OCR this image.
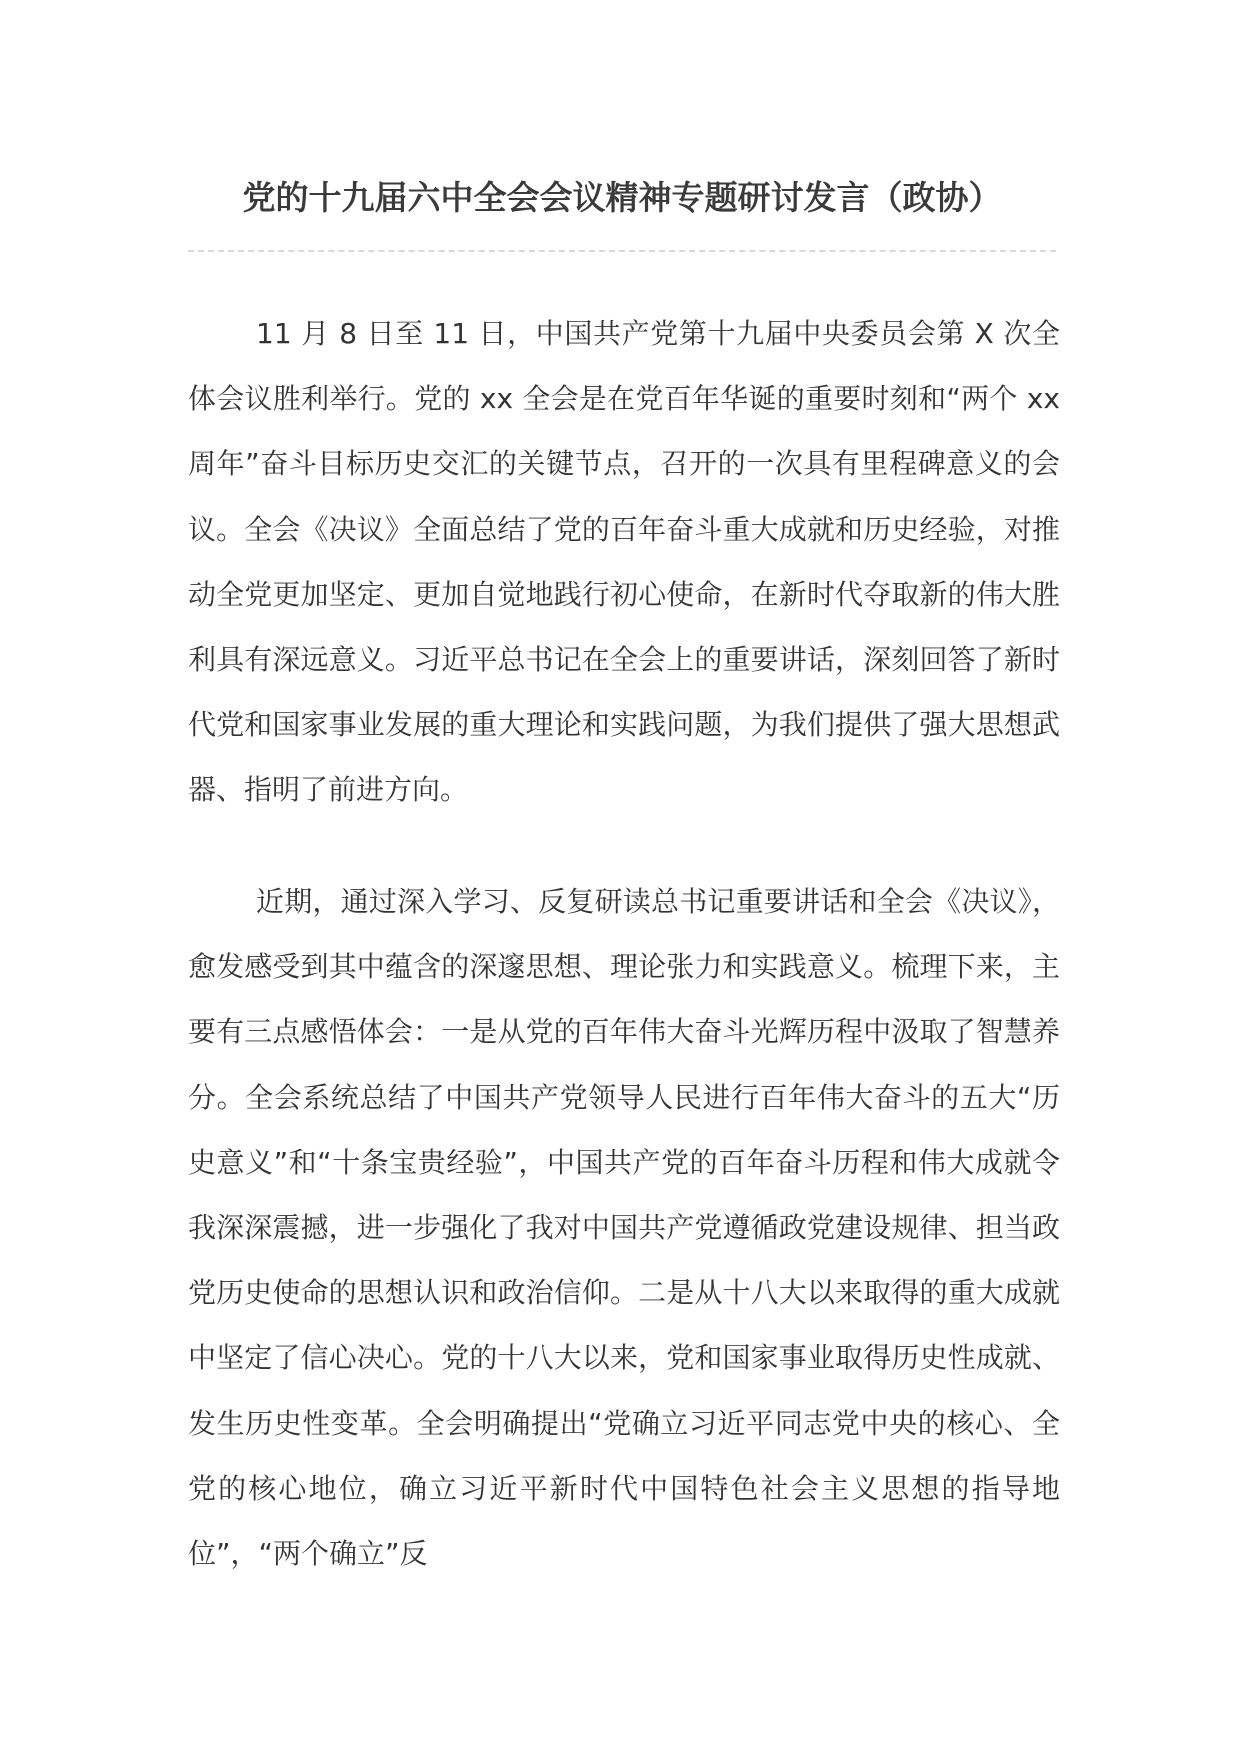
党的十九届六中全会会议精神专题研讨发言（政协）

11 月 8 日至 11 日，中国共产党第十九届中央委员会第 X 次全体会议胜利举行。党的 xx 全会是在党百年华诞的重要时刻和“两个 xx 周年”奋斗目标历史交汇的关键节点，召开的一次具有里程碑意义的会议。全会《决议》全面总结了党的百年奋斗重大成就和历史经验，对推动全党更加坚定、更加自觉地践行初心使命，在新时代夺取新的伟大胜利具有深远意义。习近平总书记在全会上的重要讲话，深刻回答了新时代党和国家事业发展的重大理论和实践问题，为我们提供了强大思想武器、指明了前进方向。

近期，通过深入学习、反复研读总书记重要讲话和全会《决议》，愈发感受到其中蕴含的深邃思想、理论张力和实践意义。梳理下来，主要有三点感悟体会：一是从党的百年伟大奋斗光辉历程中汲取了智慧养分。全会系统总结了中国共产党领导人民进行百年伟大奋斗的五大“历史意义”和“十条宝贵经验”，中国共产党的百年奋斗历程和伟大成就令我深深震撼，进一步强化了我对中国共产党遵循政党建设规律、担当政党历史使命的思想认识和政治信仰。二是从十八大以来取得的重大成就中坚定了信心决心。党的十八大以来，党和国家事业取得历史性成就、发生历史性变革。全会明确提出“党确立习近平同志党中央的核心、全党的核心地位，确立习近平新时代中国特色社会主义思想的指导地位”，“两个确立”反
